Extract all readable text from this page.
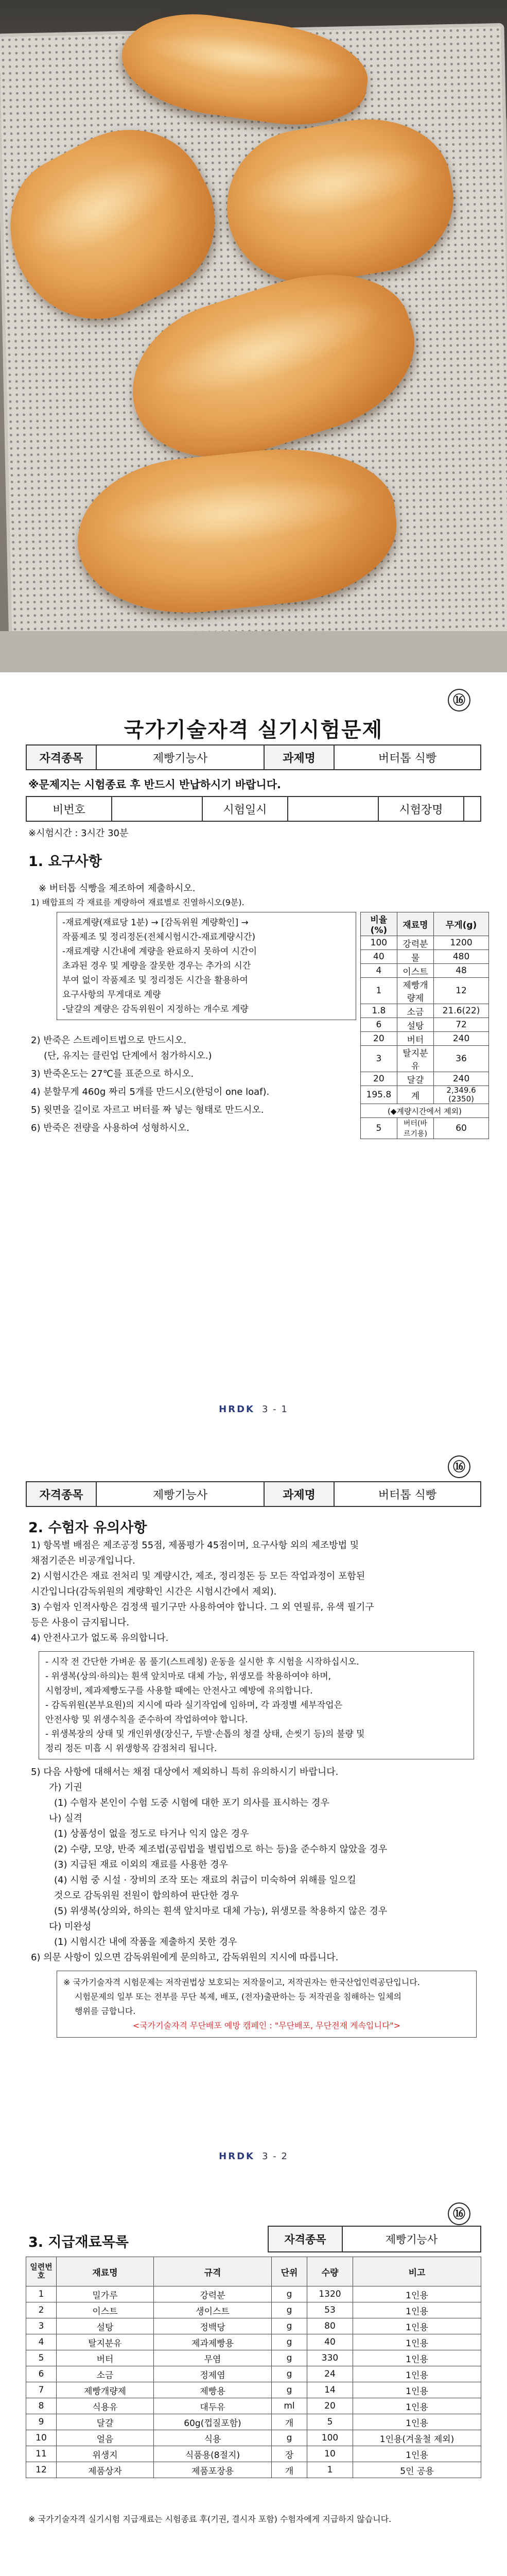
⑯
국가기술자격 실기시험문제
자격종목	제빵기능사	과제명	버터톱 식빵
※문제지는 시험종료 후 반드시 반납하시기 바랍니다.
비번호		시험일시		시험장명	
※시험시간 : 3시간 30분
1. 요구사항
※ 버터톱 식빵을 제조하여 제출하시오.
1) 배합표의 각 재료를 계량하여 재료별로 진열하시오(9분).
-재료계량(재료당 1분) → [감독위원 계량확인] →
작품제조 및 정리정돈(전체시험시간-재료계량시간)
-재료계량 시간내에 계량을 완료하지 못하여 시간이
초과된 경우 및 계량을 잘못한 경우는 추가의 시간
부여 없이 작품제조 및 정리정돈 시간을 활용하여
요구사항의 무게대로 계량
-달걀의 계량은 감독위원이 지정하는 개수로 계량
2) 반죽은 스트레이트법으로 만드시오.
(단, 유지는 클린업 단계에서 첨가하시오.)
3) 반죽온도는 27℃를 표준으로 하시오.
4) 분할무게 460g 짜리 5개를 만드시오(한덩이 one loaf).
5) 윗면을 길이로 자르고 버터를 짜 넣는 형태로 만드시오.
6) 반죽은 전량을 사용하여 성형하시오.
비율(%)	재료명	무게(g)
100	강력분	1200
40	물	480
4	이스트	48
1	제빵개량제	12
1.8	소금	21.6(22)
6	설탕	72
20	버터	240
3	탈지분유	36
20	달걀	240
195.8	계	2,349.6 (2350)
(◆계량시간에서 제외)		
5	버터(바르기용)	60
HRDK 3 - 1
⑯
자격종목	제빵기능사	과제명	버터톱 식빵
2. 수험자 유의사항
1) 항목별 배점은 제조공정 55점, 제품평가 45점이며, 요구사항 외의 제조방법 및
채점기준은 비공개입니다.
2) 시험시간은 재료 전처리 및 계량시간, 제조, 정리정돈 등 모든 작업과정이 포함된
시간입니다(감독위원의 계량확인 시간은 시험시간에서 제외).
3) 수험자 인적사항은 검정색 필기구만 사용하여야 합니다. 그 외 연필류, 유색 필기구
등은 사용이 금지됩니다.
4) 안전사고가 없도록 유의합니다.
- 시작 전 간단한 가벼운 몸 풀기(스트레칭) 운동을 실시한 후 시험을 시작하십시오.
- 위생복(상의·하의)는 흰색 앞치마로 대체 가능, 위생모를 착용하여야 하며,
시험장비, 제과제빵도구를 사용할 때에는 안전사고 예방에 유의합니다.
- 감독위원(본부요원)의 지시에 따라 실기작업에 임하며, 각 과정별 세부작업은
안전사항 및 위생수칙을 준수하여 작업하여야 합니다.
- 위생복장의 상태 및 개인위생(장신구, 두발·손톱의 청결 상태, 손씻기 등)의 불량 및
정리 정돈 미흡 시 위생항목 감점처리 됩니다.
5) 다음 사항에 대해서는 채점 대상에서 제외하니 특히 유의하시기 바랍니다.
가) 기권
(1) 수험자 본인이 수험 도중 시험에 대한 포기 의사를 표시하는 경우
나) 실격
(1) 상품성이 없을 정도로 타거나 익지 않은 경우
(2) 수량, 모양, 반죽 제조법(공립법을 별립법으로 하는 등)을 준수하지 않았을 경우
(3) 지급된 재료 이외의 재료를 사용한 경우
(4) 시험 중 시설 · 장비의 조작 또는 재료의 취급이 미숙하여 위해를 일으킬
것으로 감독위원 전원이 합의하여 판단한 경우
(5) 위생복(상의와, 하의는 흰색 앞치마로 대체 가능), 위생모를 착용하지 않은 경우
다) 미완성
(1) 시험시간 내에 작품을 제출하지 못한 경우
6) 의문 사항이 있으면 감독위원에게 문의하고, 감독위원의 지시에 따릅니다.
※ 국가기술자격 시험문제는 저작권법상 보호되는 저작물이고, 저작권자는 한국산업인력공단입니다.
시험문제의 일부 또는 전부를 무단 복제, 배포, (전자)출판하는 등 저작권을 침해하는 일체의
행위를 금합니다.
<국가기술자격 무단배포 예방 캠페인 : "무단배포, 무단전재 게속입니다">
HRDK 3 - 2
⑯
3. 지급재료목록	자격종목	제빵기능사
일련번호	재료명	규격	단위	수량	비고
1	밀가루	강력분	g	1320	1인용
2	이스트	생이스트	g	53	1인용
3	설탕	정백당	g	80	1인용
4	탈지분유	제과제빵용	g	40	1인용
5	버터	무염	g	330	1인용
6	소금	정제염	g	24	1인용
7	제빵개량제	제빵용	g	14	1인용
8	식용유	대두유	ml	20	1인용
9	달걀	60g(껍질포함)	개	5	1인용
10	얼음	식용	g	100	1인용(겨울철 제외)
11	위생지	식품용(8절지)	장	10	1인용
12	제품상자	제품포장용	개	1	5인 공용
※ 국가기술자격 실기시험 지급재료는 시험종료 후(기권, 결시자 포함) 수험자에게 지급하지 않습니다.
